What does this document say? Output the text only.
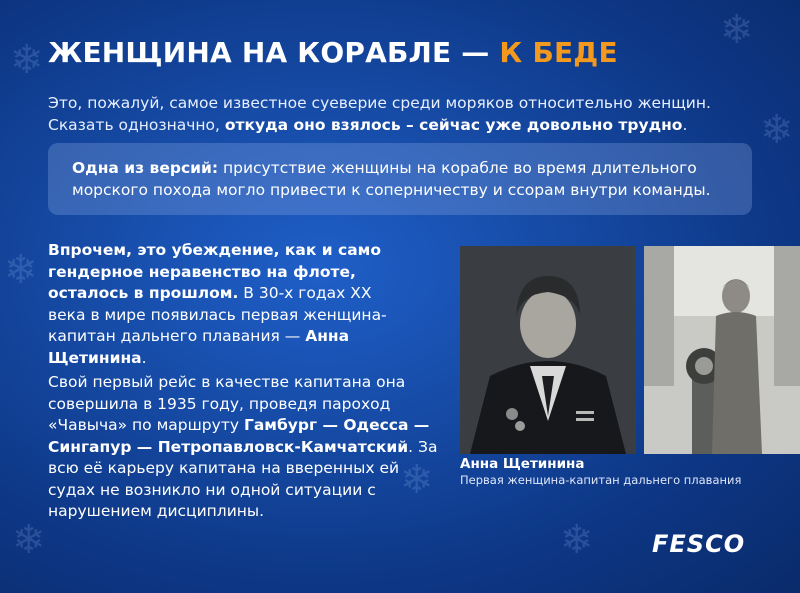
❄
❄
❄
❄
❄	❄
❄
ЖЕНЩИНА НА КОРАБЛЕ — К БЕДЕ
Это, пожалуй, самое известное суеверие среди моряков относительно женщин.
Сказать однозначно, откуда оно взялось – сейчас уже довольно трудно.
Одна из версий: присутствие женщины на корабле во время длительного морского похода могло привести к соперничеству и ссорам внутри команды.
Впрочем, это убеждение, как и само гендерное неравенство на флоте, осталось в прошлом. В 30-х годах XX века в мире появилась первая женщина-капитан дальнего плавания — Анна Щетинина.
Свой первый рейс в качестве капитана она совершила в 1935 году, проведя пароход «Чавыча» по маршруту Гамбург — Одесса — Сингапур — Петропавловск-Камчатский. За всю её карьеру капитана на вверенных ей судах не возникло ни одной ситуации с нарушением дисциплины.
Анна Щетинина
Первая женщина-капитан дальнего плавания
FESCO
